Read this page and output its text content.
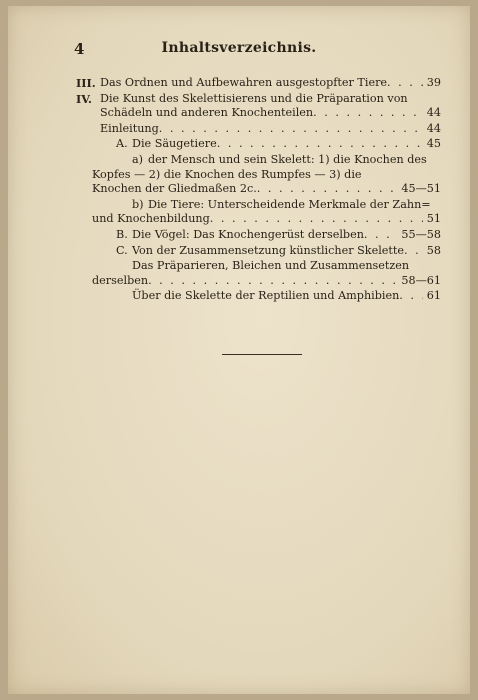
4	Inhaltsverzeichnis.
III. Das Ordnen und Aufbewahren ausgestopfter Tiere . . .	39
IV. Die Kunst des Skelettisierens und die Präparation von
Schädeln und anderen Knochenteilen . . .	44
Einleitung . . .	44
A. Die Säugetiere . . .	45
a) der Mensch und sein Skelett: 1) die Knochen des
Kopfes — 2) die Knochen des Rumpfes — 3) die
Knochen der Gliedmaßen 2c. . . .	45—51
b) Die Tiere: Unterscheidende Merkmale der Zahn=
und Knochenbildung . . .	51
B. Die Vögel: Das Knochengerüst derselben . . .	55—58
C. Von der Zusammensetzung künstlicher Skelette . . .	58
Das Präparieren, Bleichen und Zusammensetzen
derselben . . .	58—61
Über die Skelette der Reptilien und Amphibien . . .	61
